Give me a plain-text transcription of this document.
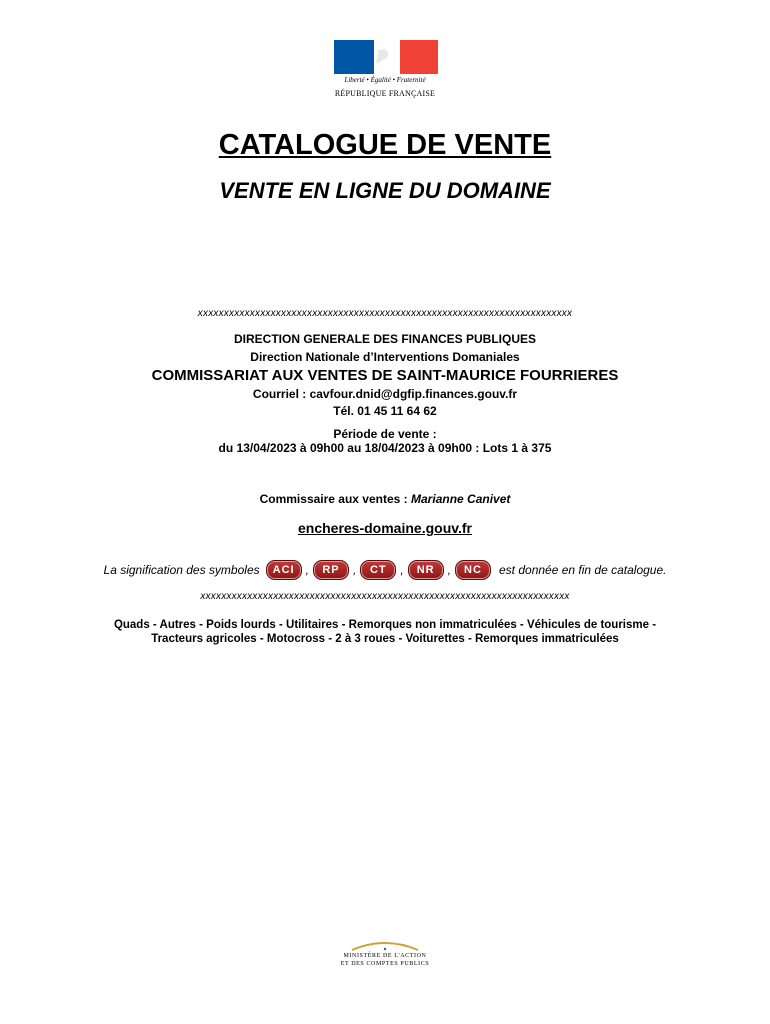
Liberté • Égalité • Fraternité
RÉPUBLIQUE FRANÇAISE
CATALOGUE DE VENTE
VENTE EN LIGNE DU DOMAINE
xxxxxxxxxxxxxxxxxxxxxxxxxxxxxxxxxxxxxxxxxxxxxxxxxxxxxxxxxxxxxxxxxxxxxxxx
DIRECTION GENERALE DES FINANCES PUBLIQUES
Direction Nationale d’Interventions Domaniales
COMMISSARIAT AUX VENTES DE SAINT-MAURICE FOURRIERES
Courriel : cavfour.dnid@dgfip.finances.gouv.fr
Tél. 01 45 11 64 62
Période de vente :
du 13/04/2023 à 09h00 au 18/04/2023 à 09h00 : Lots 1 à 375
Commissaire aux ventes : Marianne Canivet
encheres-domaine.gouv.fr
La signification des symboles	ACI ,	RP	,	CT	,	NR	,	NC	est donnée en fin de catalogue.
xxxxxxxxxxxxxxxxxxxxxxxxxxxxxxxxxxxxxxxxxxxxxxxxxxxxxxxxxxxxxxxxxxxxxxx
Quads - Autres - Poids lourds - Utilitaires - Remorques non immatriculées - Véhicules de tourisme -
Tracteurs agricoles - Motocross - 2 à 3 roues - Voiturettes - Remorques immatriculées
MINISTÈRE DE L'ACTION
ET DES COMPTES PUBLICS
